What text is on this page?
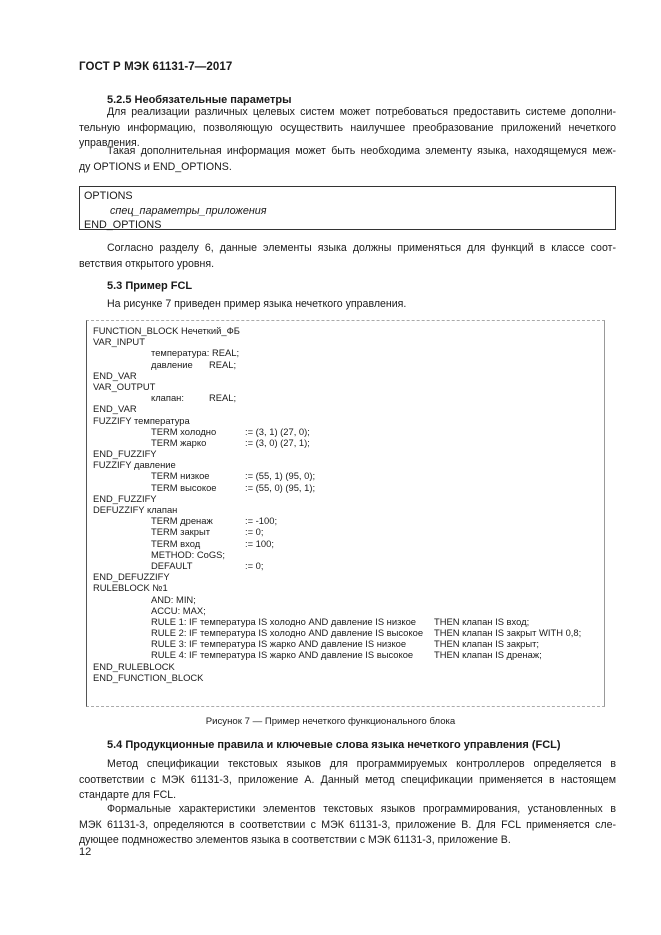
ГОСТ Р МЭК 61131-7—2017
5.2.5 Необязательные параметры
Для реализации различных целевых систем может потребоваться предоставить системе дополни-
тельную информацию, позволяющую осуществить наилучшее преобразование приложений нечеткого
управления.
Такая дополнительная информация может быть необходима элементу языка, находящемуся меж-
ду OPTIONS и END_OPTIONS.
OPTIONS
спец_параметры_приложения
END_OPTIONS
Согласно разделу 6, данные элементы языка должны применяться для функций в классе соот-
ветствия открытого уровня.
5.3 Пример FCL
На рисунке 7 приведен пример языка нечеткого управления.
FUNCTION_BLOCK Нечеткий_ФБ
VAR_INPUT
температура: REAL;
давление REAL;
END_VAR
VAR_OUTPUT
клапан:	REAL;
END_VAR
FUZZIFY температура
TERM холодно	:= (3, 1) (27, 0);
TERM жарко	:= (3, 0) (27, 1);
END_FUZZIFY
FUZZIFY давление
TERM низкое	:= (55, 1) (95, 0);
TERM высокое	:= (55, 0) (95, 1);
END_FUZZIFY
DEFUZZIFY клапан
TERM дренаж	:= -100;
TERM закрыт	:= 0;
TERM вход	:= 100;
METHOD: CoGS;
DEFAULT	:= 0;
END_DEFUZZIFY
RULEBLOCK №1
AND: MIN;
ACCU: MAX;
RULE 1: IF температура IS холодно AND давление IS низкое THEN клапан IS вход;
RULE 2: IF температура IS холодно AND давление IS высокое THEN клапан IS закрыт WITH 0,8;
RULE 3: IF температура IS жарко AND давление IS низкое	THEN клапан IS закрыт;
RULE 4: IF температура IS жарко AND давление IS высокое THEN клапан IS дренаж;
END_RULEBLOCK
END_FUNCTION_BLOCK
Рисунок 7 — Пример нечеткого функционального блока
5.4 Продукционные правила и ключевые слова языка нечеткого управления (FCL)
Метод спецификации текстовых языков для программируемых контроллеров определяется в
соответствии с МЭК 61131-3, приложение А. Данный метод спецификации применяется в настоящем
стандарте для FCL.
Формальные характеристики элементов текстовых языков программирования, установленных в
МЭК 61131-3, определяются в соответствии с МЭК 61131-3, приложение В. Для FCL применяется сле-
дующее подмножество элементов языка в соответствии с МЭК 61131-3, приложение В.
12
